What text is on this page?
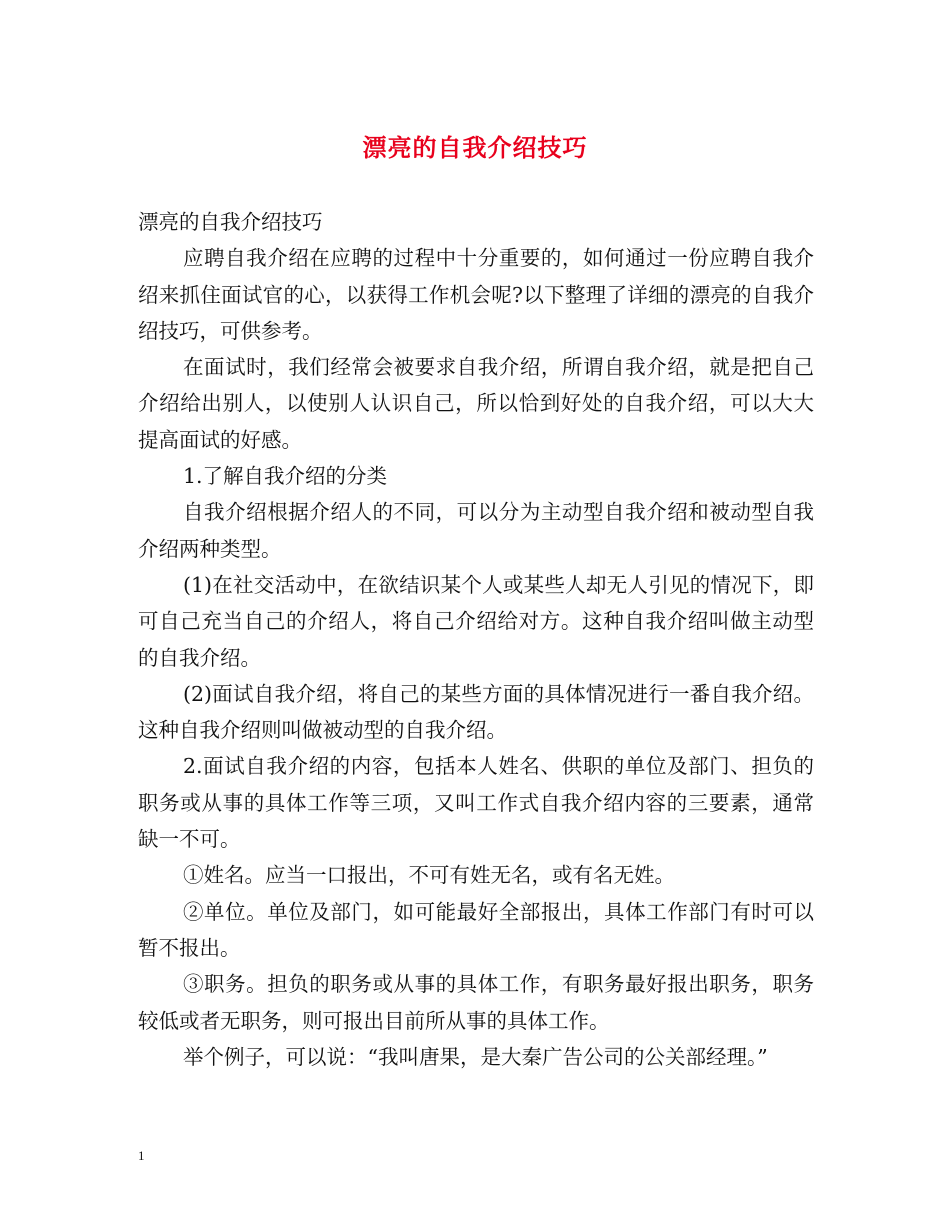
漂亮的自我介绍技巧

漂亮的自我介绍技巧

应聘自我介绍在应聘的过程中十分重要的，如何通过一份应聘自我介绍来抓住面试官的心，以获得工作机会呢?以下整理了详细的漂亮的自我介绍技巧，可供参考。

在面试时，我们经常会被要求自我介绍，所谓自我介绍，就是把自己介绍给出别人，以使别人认识自己，所以恰到好处的自我介绍，可以大大提高面试的好感。

1.了解自我介绍的分类

自我介绍根据介绍人的不同，可以分为主动型自我介绍和被动型自我介绍两种类型。

(1)在社交活动中，在欲结识某个人或某些人却无人引见的情况下，即可自己充当自己的介绍人，将自己介绍给对方。这种自我介绍叫做主动型的自我介绍。

(2)面试自我介绍，将自己的某些方面的具体情况进行一番自我介绍。这种自我介绍则叫做被动型的自我介绍。

2.面试自我介绍的内容，包括本人姓名、供职的单位及部门、担负的职务或从事的具体工作等三项，又叫工作式自我介绍内容的三要素，通常缺一不可。

①姓名。应当一口报出，不可有姓无名，或有名无姓。

②单位。单位及部门，如可能最好全部报出，具体工作部门有时可以暂不报出。

③职务。担负的职务或从事的具体工作，有职务最好报出职务，职务较低或者无职务，则可报出目前所从事的具体工作。

举个例子，可以说：“我叫唐果，是大秦广告公司的公关部经理。”

1
